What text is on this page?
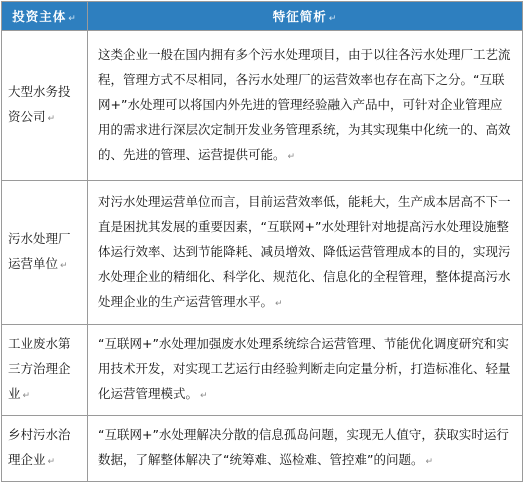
投资主体 ↵	特征简析 ↵
大型水务投资公司 ↵	这类企业一般在国内拥有多个污水处理项目，由于以往各污水处理厂工艺流程，管理方式不尽相同，各污水处理厂的运营效率也存在高下之分。“互联网+”水处理可以将国内外先进的管理经验融入产品中，可针对企业管理应用的需求进行深层次定制开发业务管理系统，为其实现集中化统一的、高效的、先进的管理、运营提供可能。 ↵
污水处理厂运营单位 ↵	对污水处理运营单位而言，目前运营效率低，能耗大，生产成本居高不下一直是困扰其发展的重要因素，“互联网+”水处理针对地提高污水处理设施整体运行效率、达到节能降耗、减员增效、降低运营管理成本的目的，实现污水处理企业的精细化、科学化、规范化、信息化的全程管理，整体提高污水处理企业的生产运营管理水平。 ↵
工业废水第三方治理企业 ↵	“互联网+”水处理加强废水处理系统综合运营管理、节能优化调度研究和实用技术开发，对实现工艺运行由经验判断走向定量分析，打造标准化、轻量化运营管理模式。 ↵
乡村污水治理企业 ↵	“互联网+”水处理解决分散的信息孤岛问题，实现无人值守，获取实时运行数据，了解整体解决了“统筹难、巡检难、管控难”的问题。 ↵
